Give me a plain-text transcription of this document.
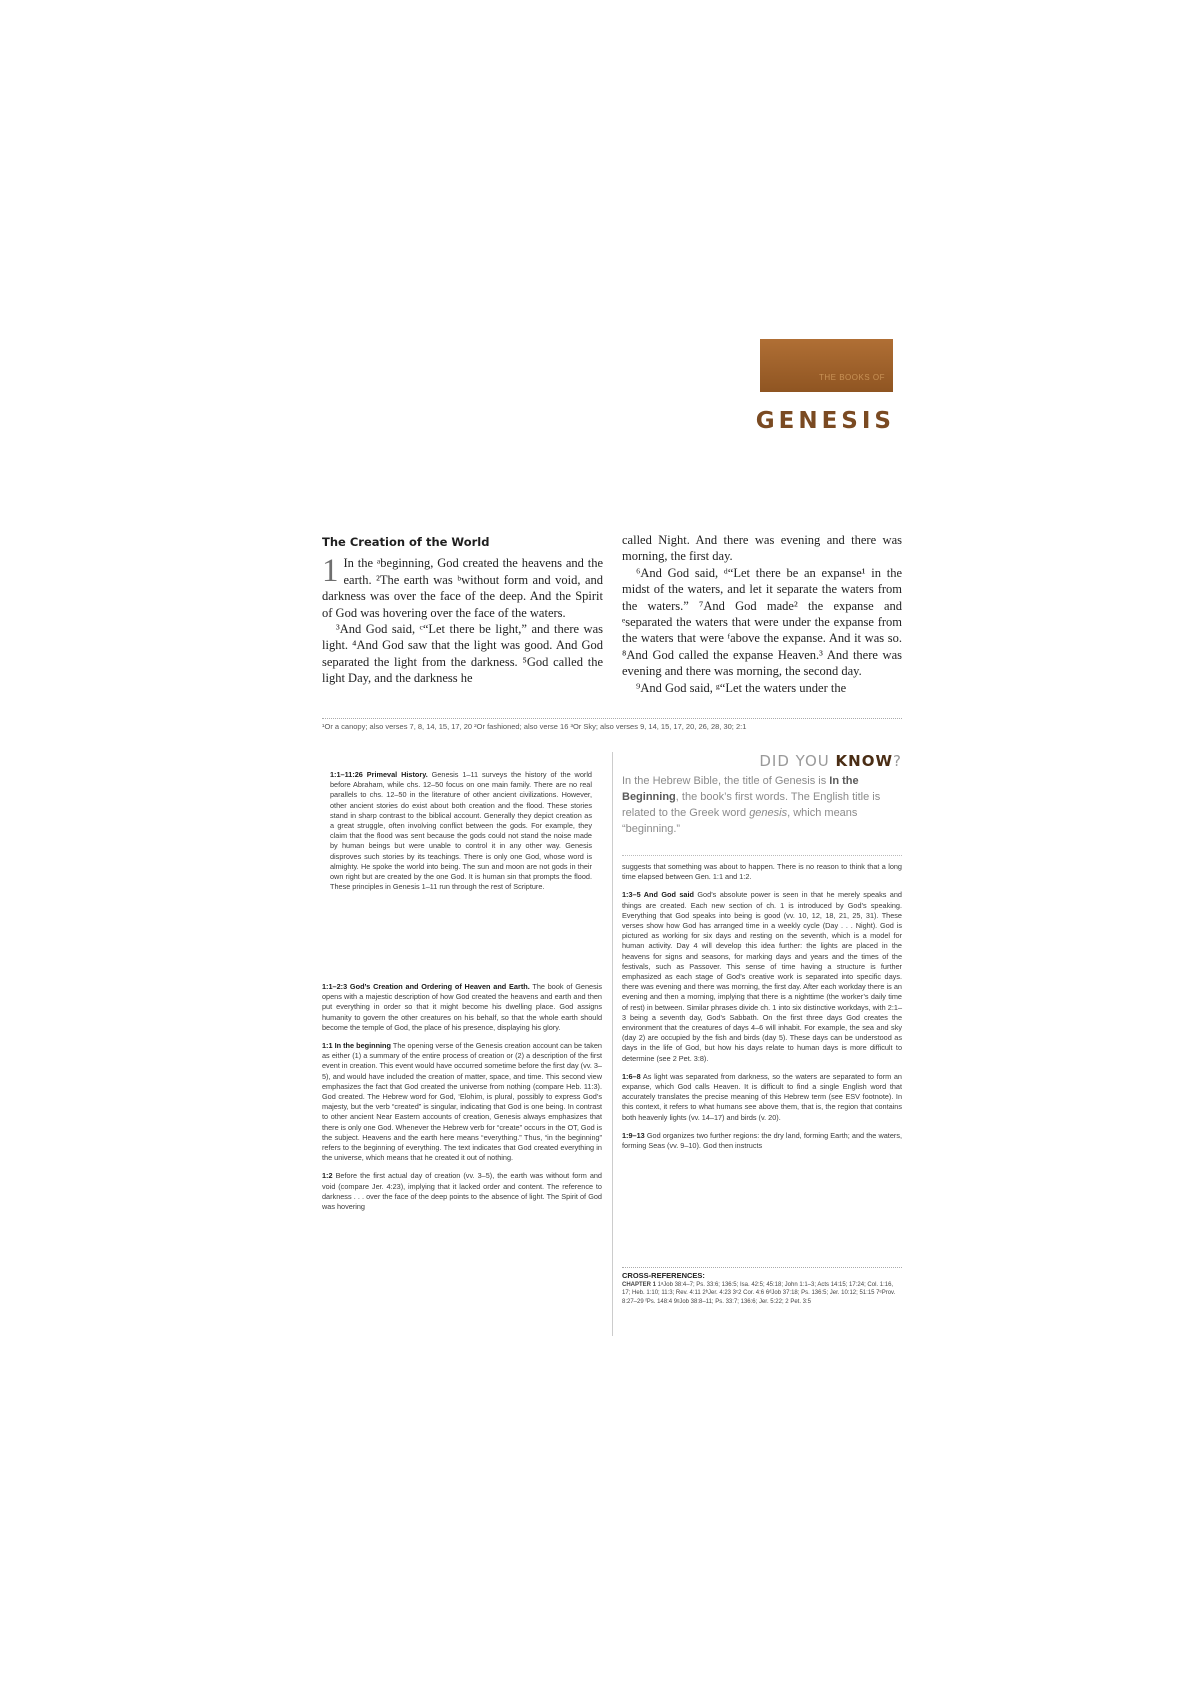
THE BOOKS OF
GENESIS
The Creation of the World
1 In the ᵃbeginning, God created the heavens and the earth. ²The earth was ᵇwithout form and void, and darkness was over the face of the deep. And the Spirit of God was hovering over the face of the waters.

³And God said, ᶜ“Let there be light,” and there was light. ⁴And God saw that the light was good. And God separated the light from the darkness. ⁵God called the light Day, and the darkness he

called Night. And there was evening and there was morning, the first day.

⁶And God said, ᵈ“Let there be an expanse¹ in the midst of the waters, and let it separate the waters from the waters.” ⁷And God made² the expanse and ᵉseparated the waters that were under the expanse from the waters that were ᶠabove the expanse. And it was so. ⁸And God called the expanse Heaven.³ And there was evening and there was morning, the second day.

⁹And God said, ᵍ“Let the waters under the

¹Or a canopy; also verses 7, 8, 14, 15, 17, 20 ²Or fashioned; also verse 16 ³Or Sky; also verses 9, 14, 15, 17, 20, 26, 28, 30; 2:1

1:1–11:26 Primeval History. Genesis 1–11 surveys the history of the world before Abraham, while chs. 12–50 focus on one main family. There are no real parallels to chs. 12–50 in the literature of other ancient civilizations. However, other ancient stories do exist about both creation and the flood. These stories stand in sharp contrast to the biblical account. Generally they depict creation as a great struggle, often involving conflict between the gods. For example, they claim that the flood was sent because the gods could not stand the noise made by human beings but were unable to control it in any other way. Genesis disproves such stories by its teachings. There is only one God, whose word is almighty. He spoke the world into being. The sun and moon are not gods in their own right but are created by the one God. It is human sin that prompts the flood. These principles in Genesis 1–11 run through the rest of Scripture.

1:1–2:3 God’s Creation and Ordering of Heaven and Earth. The book of Genesis opens with a majestic description of how God created the heavens and earth and then put everything in order so that it might become his dwelling place. God assigns humanity to govern the other creatures on his behalf, so that the whole earth should become the temple of God, the place of his presence, displaying his glory.

1:1 In the beginning The opening verse of the Genesis creation account can be taken as either (1) a summary of the entire process of creation or (2) a description of the first event in creation. This event would have occurred sometime before the first day (vv. 3–5), and would have included the creation of matter, space, and time. This second view emphasizes the fact that God created the universe from nothing (compare Heb. 11:3). God created. The Hebrew word for God, ‘Elohim, is plural, possibly to express God’s majesty, but the verb “created” is singular, indicating that God is one being. In contrast to other ancient Near Eastern accounts of creation, Genesis always emphasizes that there is only one God. Whenever the Hebrew verb for “create” occurs in the OT, God is the subject. Heavens and the earth here means “everything.” Thus, “in the beginning” refers to the beginning of everything. The text indicates that God created everything in the universe, which means that he created it out of nothing.

1:2 Before the first actual day of creation (vv. 3–5), the earth was without form and void (compare Jer. 4:23), implying that it lacked order and content. The reference to darkness . . . over the face of the deep points to the absence of light. The Spirit of God was hovering

DID YOU KNOW?
In the Hebrew Bible, the title of Genesis is In the Beginning, the book’s first words. The English title is related to the Greek word genesis, which means “beginning.”

suggests that something was about to happen. There is no reason to think that a long time elapsed between Gen. 1:1 and 1:2.

1:3–5 And God said God’s absolute power is seen in that he merely speaks and things are created. Each new section of ch. 1 is introduced by God’s speaking. Everything that God speaks into being is good (vv. 10, 12, 18, 21, 25, 31). These verses show how God has arranged time in a weekly cycle (Day . . . Night). God is pictured as working for six days and resting on the seventh, which is a model for human activity. Day 4 will develop this idea further: the lights are placed in the heavens for signs and seasons, for marking days and years and the times of the festivals, such as Passover. This sense of time having a structure is further emphasized as each stage of God’s creative work is separated into specific days. there was evening and there was morning, the first day. After each workday there is an evening and then a morning, implying that there is a nighttime (the worker’s daily time of rest) in between. Similar phrases divide ch. 1 into six distinctive workdays, with 2:1–3 being a seventh day, God’s Sabbath. On the first three days God creates the environment that the creatures of days 4–6 will inhabit. For example, the sea and sky (day 2) are occupied by the fish and birds (day 5). These days can be understood as days in the life of God, but how his days relate to human days is more difficult to determine (see 2 Pet. 3:8).

1:6–8 As light was separated from darkness, so the waters are separated to form an expanse, which God calls Heaven. It is difficult to find a single English word that accurately translates the precise meaning of this Hebrew term (see ESV footnote). In this context, it refers to what humans see above them, that is, the region that contains both heavenly lights (vv. 14–17) and birds (v. 20).

1:9–13 God organizes two further regions: the dry land, forming Earth; and the waters, forming Seas (vv. 9–10). God then instructs

CROSS-REFERENCES:
CHAPTER 1 1ᵃJob 38:4–7; Ps. 33:6; 136:5; Isa. 42:5; 45:18; John 1:1–3; Acts 14:15; 17:24; Col. 1:16, 17; Heb. 1:10; 11:3; Rev. 4:11 2ᵇJer. 4:23 3ᶜ2 Cor. 4:6 6ᵈJob 37:18; Ps. 136:5; Jer. 10:12; 51:15 7ᵉProv. 8:27–29 ᶠPs. 148:4 9ᵍJob 38:8–11; Ps. 33:7; 136:6; Jer. 5:22; 2 Pet. 3:5
